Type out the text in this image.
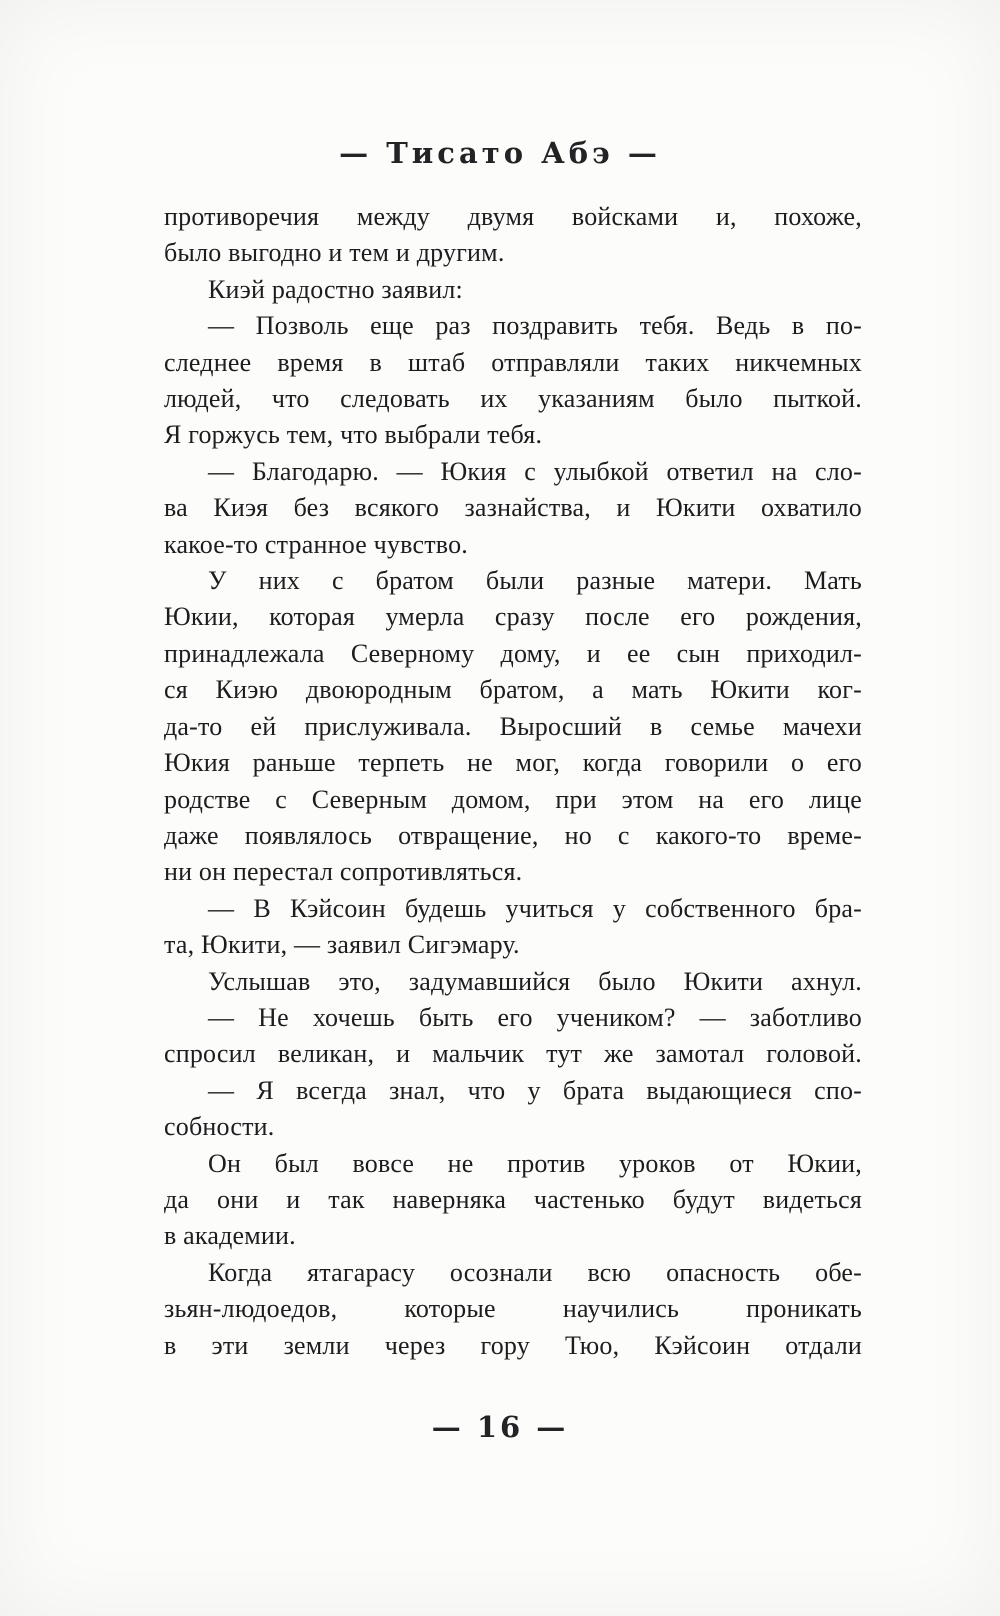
— Тисато Абэ —
противоречия между двумя войсками и, похоже,
было выгодно и тем и другим.
Киэй радостно заявил:
— Позволь еще раз поздравить тебя. Ведь в по-
следнее время в штаб отправляли таких никчемных
людей, что следовать их указаниям было пыткой.
Я горжусь тем, что выбрали тебя.
— Благодарю. — Юкия с улыбкой ответил на сло-
ва Киэя без всякого зазнайства, и Юкити охватило
какое-то странное чувство.
У них с братом были разные матери. Мать
Юкии, которая умерла сразу после его рождения,
принадлежала Северному дому, и ее сын приходил-
ся Киэю двоюродным братом, а мать Юкити ког-
да-то ей прислуживала. Выросший в семье мачехи
Юкия раньше терпеть не мог, когда говорили о его
родстве с Северным домом, при этом на его лице
даже появлялось отвращение, но с какого-то време-
ни он перестал сопротивляться.
— В Кэйсоин будешь учиться у собственного бра-
та, Юкити, — заявил Сигэмару.
Услышав это, задумавшийся было Юкити ахнул.
— Не хочешь быть его учеником? — заботливо
спросил великан, и мальчик тут же замотал головой.
— Я всегда знал, что у брата выдающиеся спо-
собности.
Он был вовсе не против уроков от Юкии,
да они и так наверняка частенько будут видеться
в академии.
Когда ятагарасу осознали всю опасность обе-
зьян-людоедов, которые научились проникать
в эти земли через гору Тюо, Кэйсоин отдали
— 16 —
